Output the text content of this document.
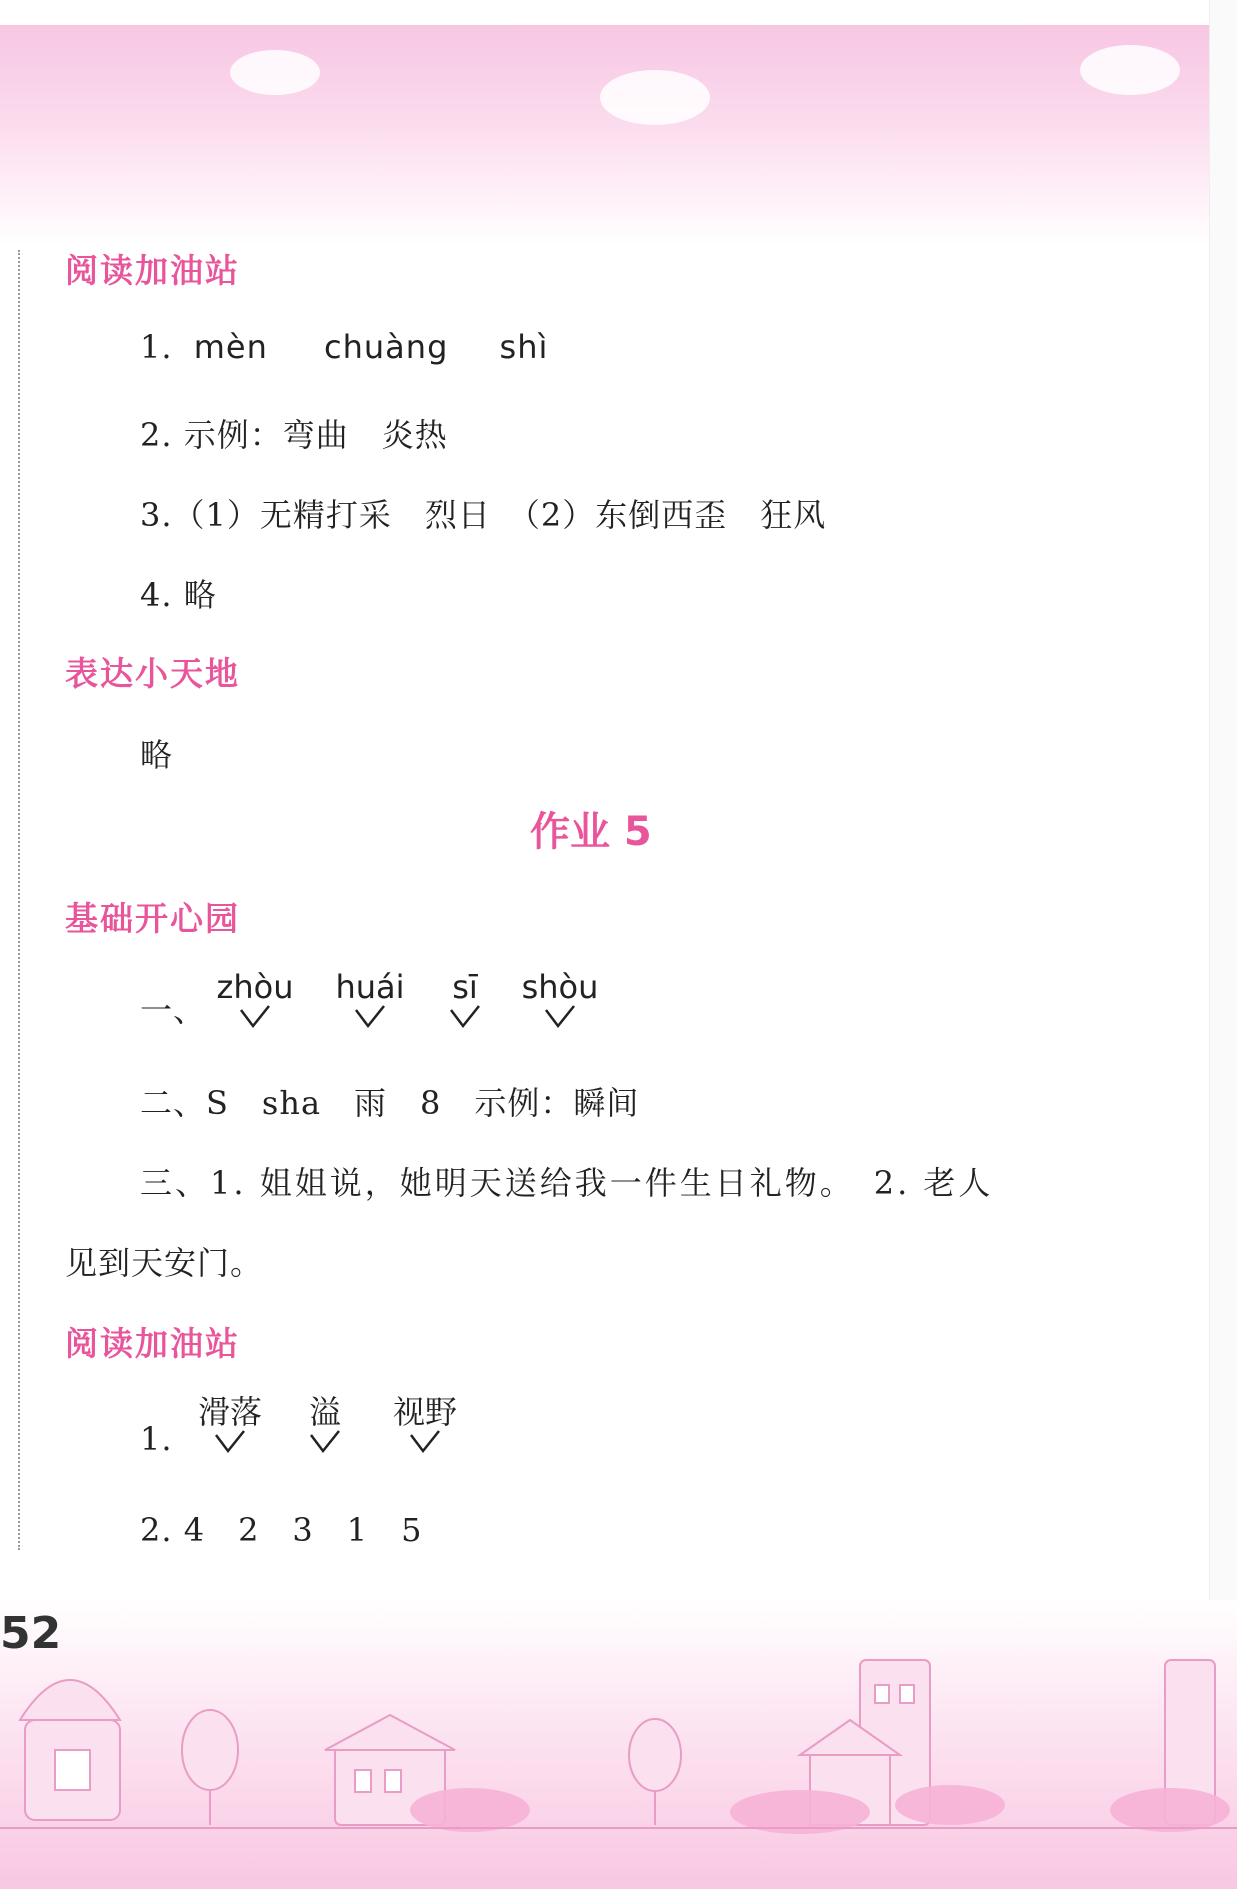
阅读加油站
1. mèn chuàng shì
2. 示例：弯曲　炎热
3.（1）无精打采　烈日　（2）东倒西歪　狂风
4. 略
表达小天地
略
作业 5
基础开心园
一、
zhòu huái	sī	shòu
二、S　sha　雨　8　示例：瞬间
三、1. 姐姐说，她明天送给我一件生日礼物。　2. 老人
见到天安门。
阅读加油站
1.
滑落 溢 视野
2. 4　2　3　1　5
52
